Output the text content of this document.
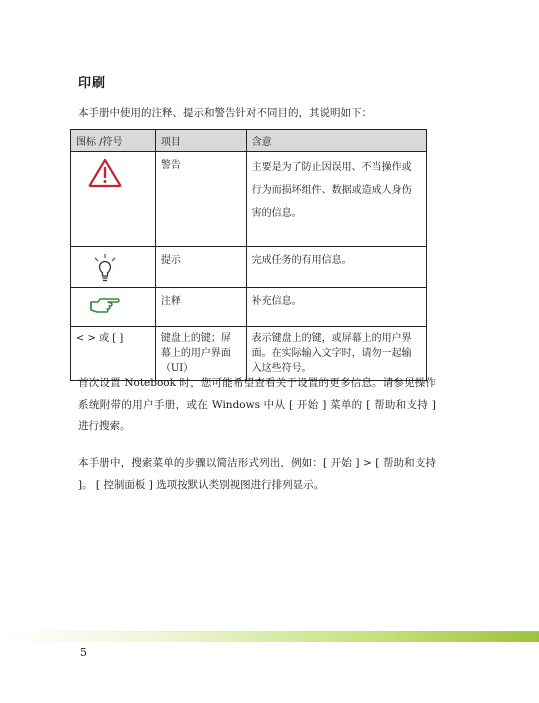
印刷
本手册中使用的注释、提示和警告针对不同目的，其说明如下：
图标 /符号	项目	含意

	警告	主要是为了防止因误用、不当操作或行为而损坏组件、数据或造成人身伤害的信息。

	提示	完成任务的有用信息。

	注释	补充信息。
< > 或 [ ]	键盘上的键；屏幕上的用户界面 （UI）	表示键盘上的键，或屏幕上的用户界面。在实际输入文字时，请勿一起输入这些符号。
首次设置 Notebook 时，您可能希望查看关于设置的更多信息。请参见操作系统附带的用户手册，或在 Windows 中从 [ 开始 ] 菜单的 [ 帮助和支持 ] 进行搜索。
本手册中，搜索菜单的步骤以简洁形式列出，例如：[ 开始 ] > [ 帮助和支持 ]。 [ 控制面板 ] 选项按默认类别视图进行排列显示。
5
